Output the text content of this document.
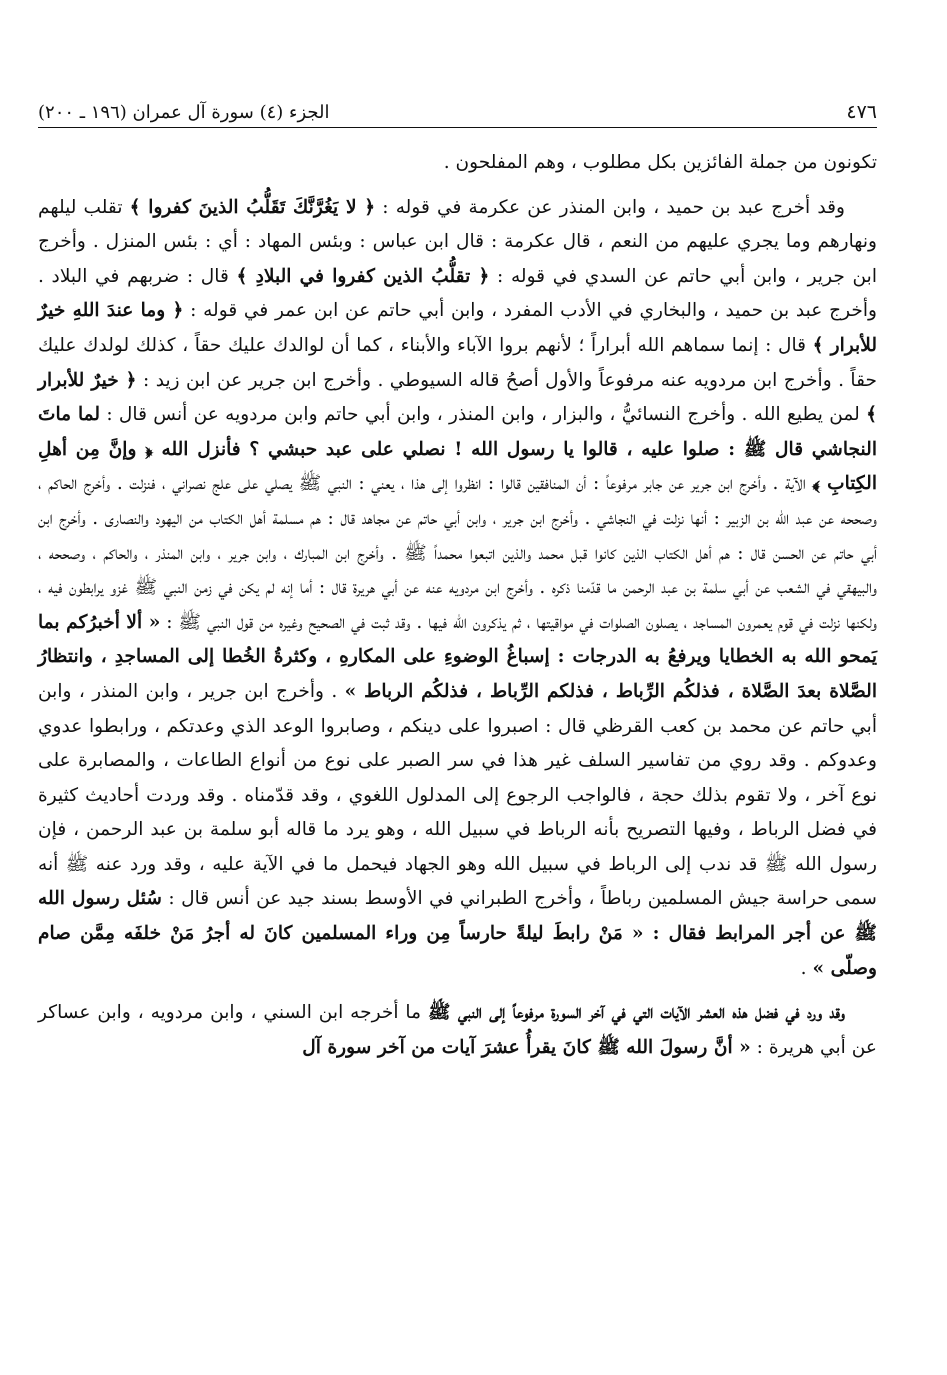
٤٧٦
الجزء (٤) سورة آل عمران (١٩٦ ـ ٢٠٠)

تكونون من جملة الفائزين بكل مطلوب ، وهم المفلحون .

وقد أخرج عبد بن حميد ، وابن المنذر عن عكرمة في قوله : ﴿ لا يَغُرَّنَّكَ تَقَلُّبُ الذينَ كفروا ﴾ تقلب ليلهم ونهارهم وما يجري عليهم من النعم ، قال عكرمة : قال ابن عباس : وبئس المهاد : أي : بئس المنزل . وأخرج ابن جرير ، وابن أبي حاتم عن السدي في قوله : ﴿ تقلُّبُ الذين كفروا في البلادِ ﴾ قال : ضربهم في البلاد . وأخرج عبد بن حميد ، والبخاري في الأدب المفرد ، وابن أبي حاتم عن ابن عمر في قوله : ﴿ وما عندَ اللهِ خيرٌ للأبرار ﴾ قال : إنما سماهم الله أبراراً ؛ لأنهم بروا الآباء والأبناء ، كما أن لوالدك عليك حقاً ، كذلك لولدك عليك حقاً . وأخرج ابن مردويه عنه مرفوعاً والأول أصحُ قاله السيوطي . وأخرج ابن جرير عن ابن زيد : ﴿ خيرٌ للأبرار ﴾ لمن يطيع الله . وأخرج النسائيُّ ، والبزار ، وابن المنذر ، وابن أبي حاتم وابن مردويه عن أنس قال : لما ماتَ النجاشي قال ﷺ : صلوا عليه ، قالوا يا رسول الله ! نصلي على عبد حبشي ؟ فأنزل الله ﴿ وإنَّ مِن أهلِ الكِتابِ ﴾ الآية . وأخرج ابن جرير عن جابر مرفوعاً : أن المنافقين قالوا : انظروا إلى هذا ، يعني : النبي ﷺ يصلي على علج نصراني ، فنزلت . وأخرج الحاكم ، وصححه عن عبد الله بن الزبير : أنها نزلت في النجاشي . وأخرج ابن جرير ، وابن أبي حاتم عن مجاهد قال : هم مسلمة أهل الكتاب من اليهود والنصارى . وأخرج ابن أبي حاتم عن الحسن قال : هم أهل الكتاب الذين كانوا قبل محمد والذين اتبعوا محمداً ﷺ . وأخرج ابن المبارك ، وابن جرير ، وابن المنذر ، والحاكم ، وصححه ، والبيهقي في الشعب عن أبي سلمة بن عبد الرحمن ما قدّمنا ذكره . وأخرج ابن مردويه عنه عن أبي هريرة قال : أما إنه لم يكن في زمن النبي ﷺ غزو يرابطون فيه ، ولكنها نزلت في قوم يعمرون المساجد ، يصلون الصلوات في مواقيتها ، ثم يذكرون الله فيها . وقد ثبت في الصحيح وغيره من قول النبي ﷺ : « ألا أخبرُكم بما يَمحو الله به الخطايا ويرفعُ به الدرجات : إسباغُ الوضوءِ على المكارهِ ، وكثرةُ الخُطا إلى المساجدِ ، وانتظارُ الصَّلاة بعدَ الصَّلاة ، فذلكُم الرِّباط ، فذلكم الرِّباط ، فذلكُم الرباط » . وأخرج ابن جرير ، وابن المنذر ، وابن أبي حاتم عن محمد بن كعب القرظي قال : اصبروا على دينكم ، وصابروا الوعد الذي وعدتكم ، ورابطوا عدوي وعدوكم . وقد روي من تفاسير السلف غير هذا في سر الصبر على نوع من أنواع الطاعات ، والمصابرة على نوع آخر ، ولا تقوم بذلك حجة ، فالواجب الرجوع إلى المدلول اللغوي ، وقد قدّمناه . وقد وردت أحاديث كثيرة في فضل الرباط ، وفيها التصريح بأنه الرباط في سبيل الله ، وهو يرد ما قاله أبو سلمة بن عبد الرحمن ، فإن رسول الله ﷺ قد ندب إلى الرباط في سبيل الله وهو الجهاد فيحمل ما في الآية عليه ، وقد ورد عنه ﷺ أنه سمى حراسة جيش المسلمين رباطاً ، وأخرج الطبراني في الأوسط بسند جيد عن أنس قال : سُئل رسول الله ﷺ عن أجر المرابط فقال : « مَنْ رابطَ ليلةً حارساً مِن وراء المسلمين كانَ له أجرُ مَنْ خلفَه مِمَّن صام وصلّى » .

وقد ورد في فضل هذه العشر الآيات التي في آخر السورة مرفوعاً إلى النبي ﷺ ما أخرجه ابن السني ، وابن مردويه ، وابن عساكر عن أبي هريرة : « أنَّ رسولَ الله ﷺ كانَ يقرأُ عشرَ آيات من آخر سورة آل
